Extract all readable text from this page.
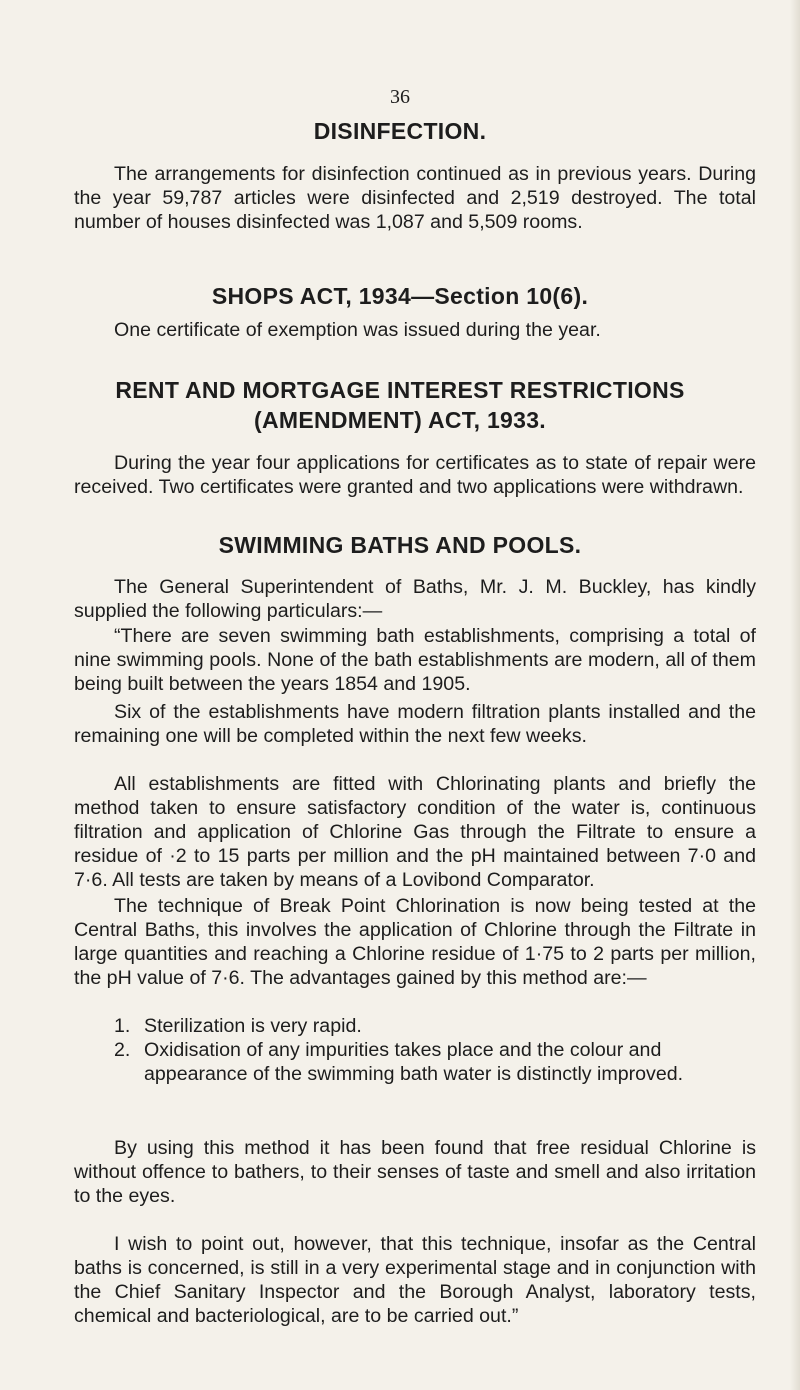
36
DISINFECTION.

The arrangements for disinfection continued as in previous years. During the year 59,787 articles were disinfected and 2,519 destroyed. The total number of houses disinfected was 1,087 and 5,509 rooms.

SHOPS ACT, 1934—Section 10(6).

One certificate of exemption was issued during the year.

RENT AND MORTGAGE INTEREST RESTRICTIONS
(AMENDMENT) ACT, 1933.

During the year four applications for certificates as to state of repair were received. Two certificates were granted and two applications were withdrawn.

SWIMMING BATHS AND POOLS.

The General Superintendent of Baths, Mr. J. M. Buckley, has kindly supplied the following particulars:—

“There are seven swimming bath establishments, comprising a total of nine swimming pools. None of the bath establishments are modern, all of them being built between the years 1854 and 1905.

Six of the establishments have modern filtration plants installed and the remaining one will be completed within the next few weeks.

All establishments are fitted with Chlorinating plants and briefly the method taken to ensure satisfactory condition of the water is, continuous filtration and application of Chlorine Gas through the Filtrate to ensure a residue of ·2 to 15 parts per million and the pH maintained between 7·0 and 7·6. All tests are taken by means of a Lovibond Comparator.

The technique of Break Point Chlorination is now being tested at the Central Baths, this involves the application of Chlorine through the Filtrate in large quantities and reaching a Chlorine residue of 1·75 to 2 parts per million, the pH value of 7·6. The advantages gained by this method are:—

1. Sterilization is very rapid.
2. Oxidisation of any impurities takes place and the colour and appearance of the swimming bath water is distinctly improved.

By using this method it has been found that free residual Chlorine is without offence to bathers, to their senses of taste and smell and also irritation to the eyes.

I wish to point out, however, that this technique, insofar as the Central baths is concerned, is still in a very experimental stage and in conjunction with the Chief Sanitary Inspector and the Borough Analyst, laboratory tests, chemical and bacteriological, are to be carried out.”
